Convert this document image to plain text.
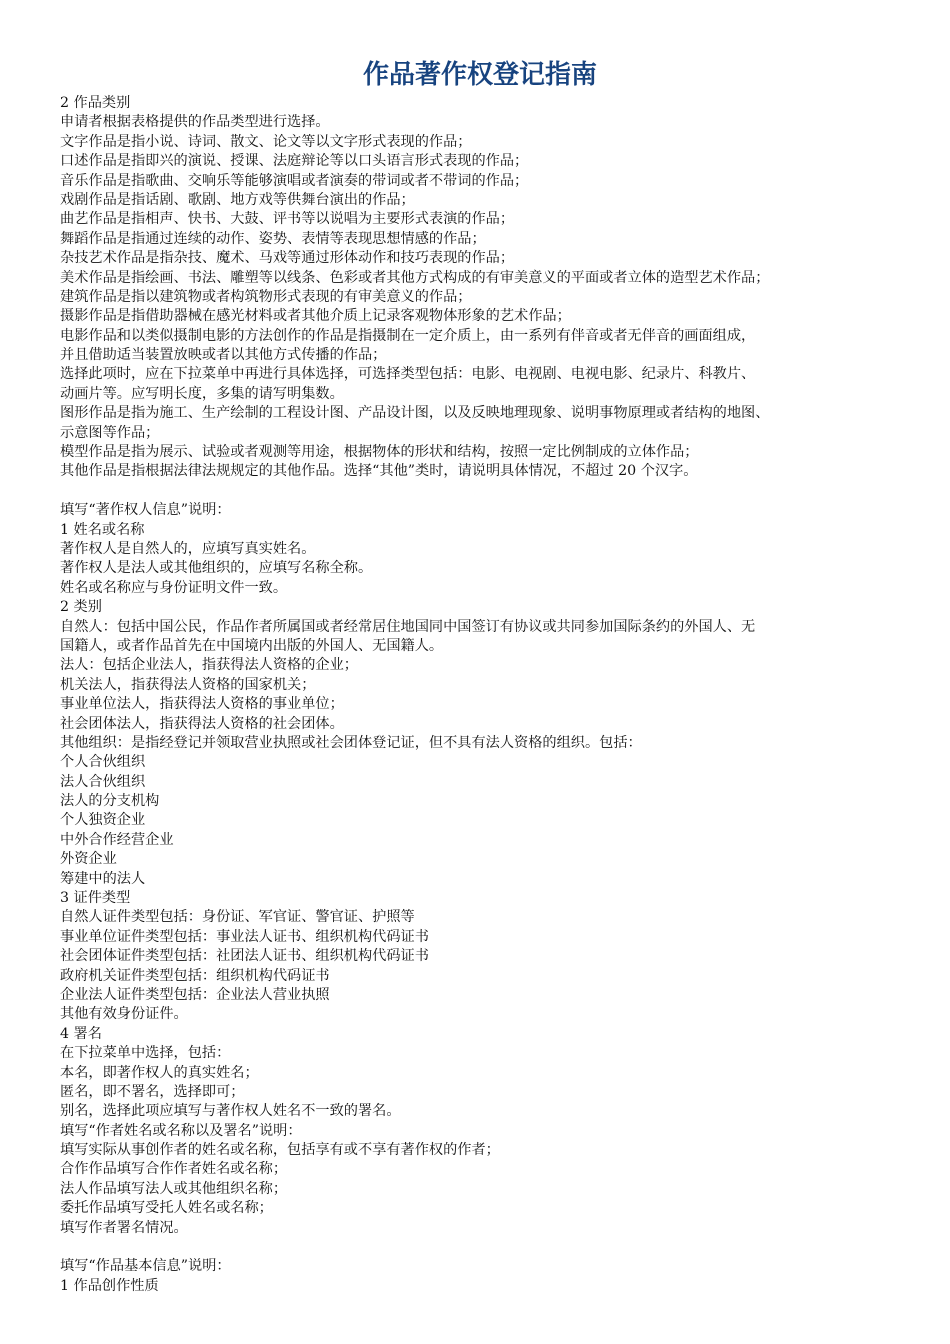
作品著作权登记指南
2 作品类别
申请者根据表格提供的作品类型进行选择。
文字作品是指小说、诗词、散文、论文等以文字形式表现的作品；
口述作品是指即兴的演说、授课、法庭辩论等以口头语言形式表现的作品；
音乐作品是指歌曲、交响乐等能够演唱或者演奏的带词或者不带词的作品；
戏剧作品是指话剧、歌剧、地方戏等供舞台演出的作品；
曲艺作品是指相声、快书、大鼓、评书等以说唱为主要形式表演的作品；
舞蹈作品是指通过连续的动作、姿势、表情等表现思想情感的作品；
杂技艺术作品是指杂技、魔术、马戏等通过形体动作和技巧表现的作品；
美术作品是指绘画、书法、雕塑等以线条、色彩或者其他方式构成的有审美意义的平面或者立体的造型艺术作品；
建筑作品是指以建筑物或者构筑物形式表现的有审美意义的作品；
摄影作品是指借助器械在感光材料或者其他介质上记录客观物体形象的艺术作品；
电影作品和以类似摄制电影的方法创作的作品是指摄制在一定介质上，由一系列有伴音或者无伴音的画面组成，
并且借助适当装置放映或者以其他方式传播的作品；
选择此项时，应在下拉菜单中再进行具体选择，可选择类型包括：电影、电视剧、电视电影、纪录片、科教片、
动画片等。应写明长度，多集的请写明集数。
图形作品是指为施工、生产绘制的工程设计图、产品设计图，以及反映地理现象、说明事物原理或者结构的地图、
示意图等作品；
模型作品是指为展示、试验或者观测等用途，根据物体的形状和结构，按照一定比例制成的立体作品；
其他作品是指根据法律法规规定的其他作品。选择“其他”类时，请说明具体情况，不超过 20 个汉字。
填写“著作权人信息”说明：
1 姓名或名称
著作权人是自然人的，应填写真实姓名。
著作权人是法人或其他组织的，应填写名称全称。
姓名或名称应与身份证明文件一致。
2 类别
自然人：包括中国公民，作品作者所属国或者经常居住地国同中国签订有协议或共同参加国际条约的外国人、无
国籍人，或者作品首先在中国境内出版的外国人、无国籍人。
法人：包括企业法人，指获得法人资格的企业；
机关法人，指获得法人资格的国家机关；
事业单位法人，指获得法人资格的事业单位；
社会团体法人，指获得法人资格的社会团体。
其他组织：是指经登记并领取营业执照或社会团体登记证，但不具有法人资格的组织。包括：
个人合伙组织
法人合伙组织
法人的分支机构
个人独资企业
中外合作经营企业
外资企业
筹建中的法人
3 证件类型
自然人证件类型包括：身份证、军官证、警官证、护照等
事业单位证件类型包括：事业法人证书、组织机构代码证书
社会团体证件类型包括：社团法人证书、组织机构代码证书
政府机关证件类型包括：组织机构代码证书
企业法人证件类型包括：企业法人营业执照
其他有效身份证件。
4 署名
在下拉菜单中选择，包括：
本名，即著作权人的真实姓名；
匿名，即不署名，选择即可；
别名，选择此项应填写与著作权人姓名不一致的署名。
填写“作者姓名或名称以及署名”说明：
填写实际从事创作者的姓名或名称，包括享有或不享有著作权的作者；
合作作品填写合作作者姓名或名称；
法人作品填写法人或其他组织名称；
委托作品填写受托人姓名或名称；
填写作者署名情况。
填写“作品基本信息”说明：
1 作品创作性质
